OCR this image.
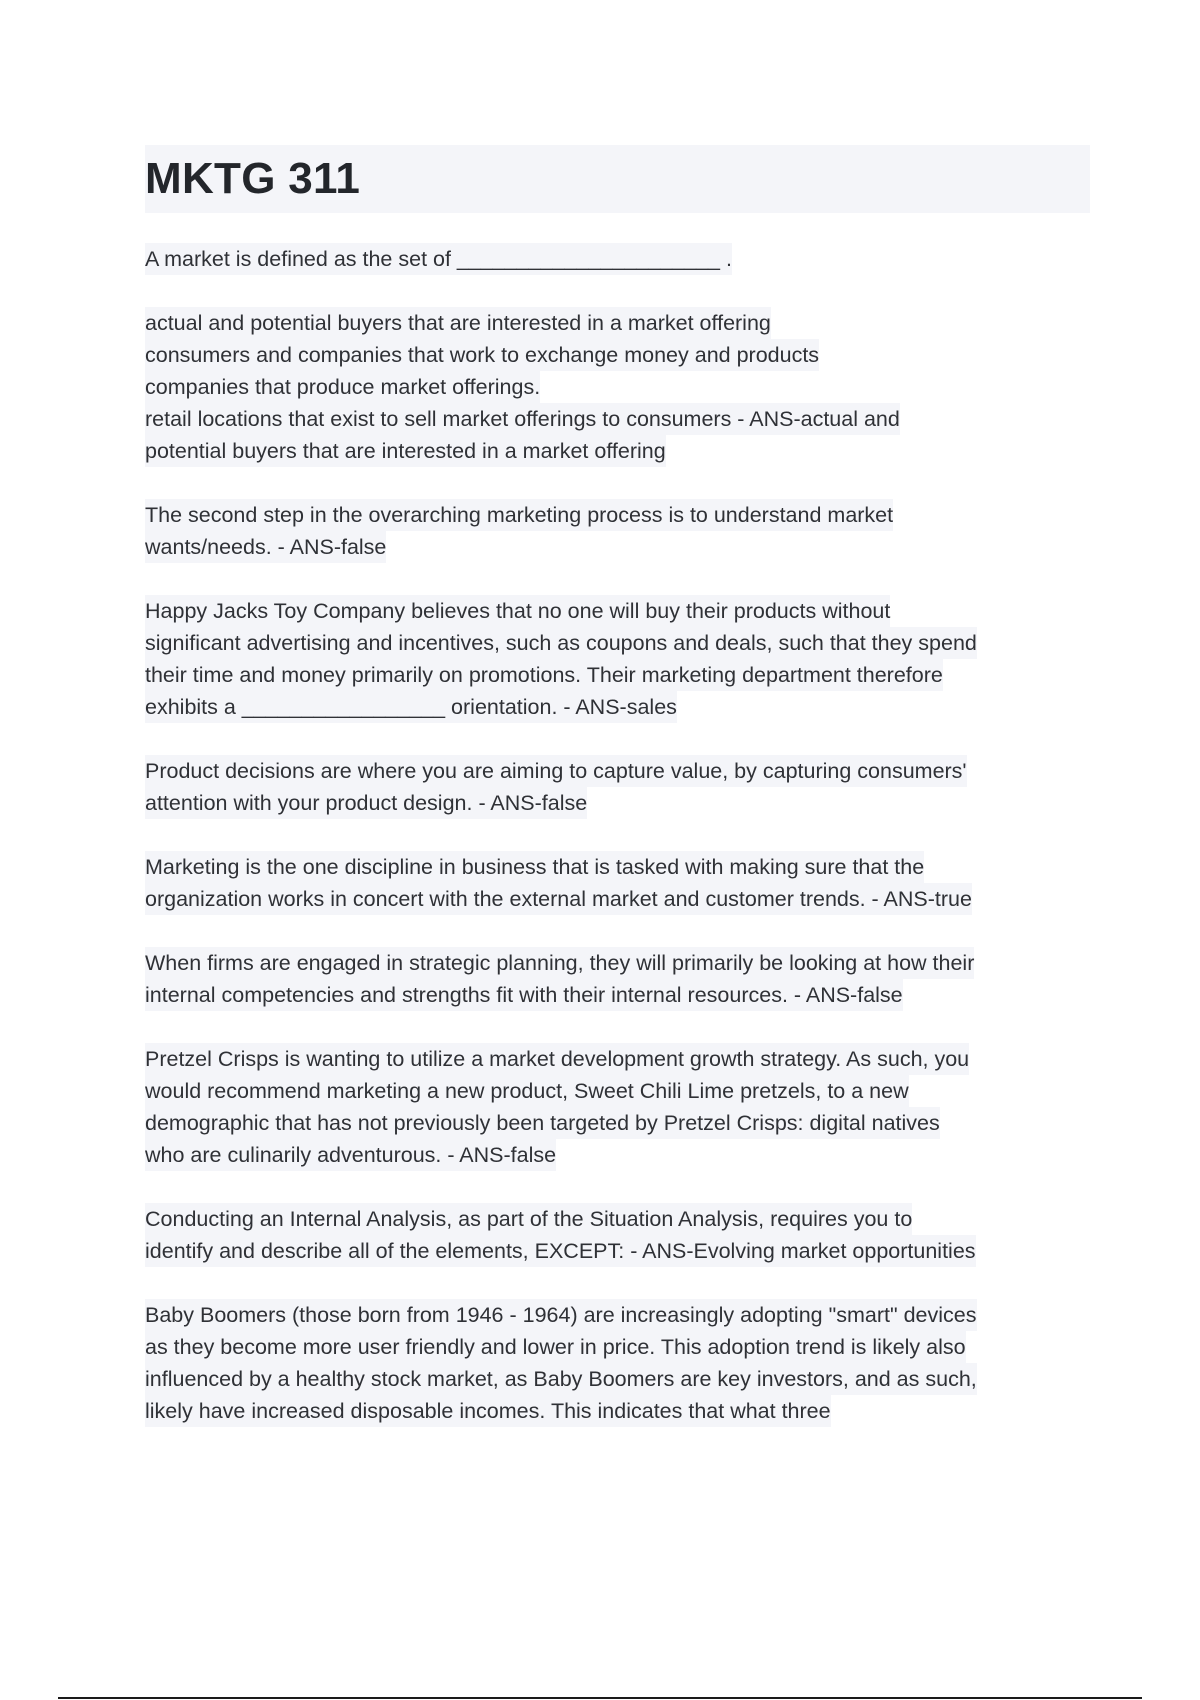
MKTG 311

A market is defined as the set of ______________________ .

actual and potential buyers that are interested in a market offering
consumers and companies that work to exchange money and products
companies that produce market offerings.
retail locations that exist to sell market offerings to consumers - ANS-actual and
potential buyers that are interested in a market offering

The second step in the overarching marketing process is to understand market
wants/needs. - ANS-false

Happy Jacks Toy Company believes that no one will buy their products without
significant advertising and incentives, such as coupons and deals, such that they spend
their time and money primarily on promotions. Their marketing department therefore
exhibits a _________________ orientation. - ANS-sales

Product decisions are where you are aiming to capture value, by capturing consumers'
attention with your product design. - ANS-false

Marketing is the one discipline in business that is tasked with making sure that the
organization works in concert with the external market and customer trends. - ANS-true

When firms are engaged in strategic planning, they will primarily be looking at how their
internal competencies and strengths fit with their internal resources. - ANS-false

Pretzel Crisps is wanting to utilize a market development growth strategy. As such, you
would recommend marketing a new product, Sweet Chili Lime pretzels, to a new
demographic that has not previously been targeted by Pretzel Crisps: digital natives
who are culinarily adventurous. - ANS-false

Conducting an Internal Analysis, as part of the Situation Analysis, requires you to
identify and describe all of the elements, EXCEPT: - ANS-Evolving market opportunities

Baby Boomers (those born from 1946 - 1964) are increasingly adopting "smart" devices
as they become more user friendly and lower in price. This adoption trend is likely also
influenced by a healthy stock market, as Baby Boomers are key investors, and as such,
likely have increased disposable incomes. This indicates that what three
